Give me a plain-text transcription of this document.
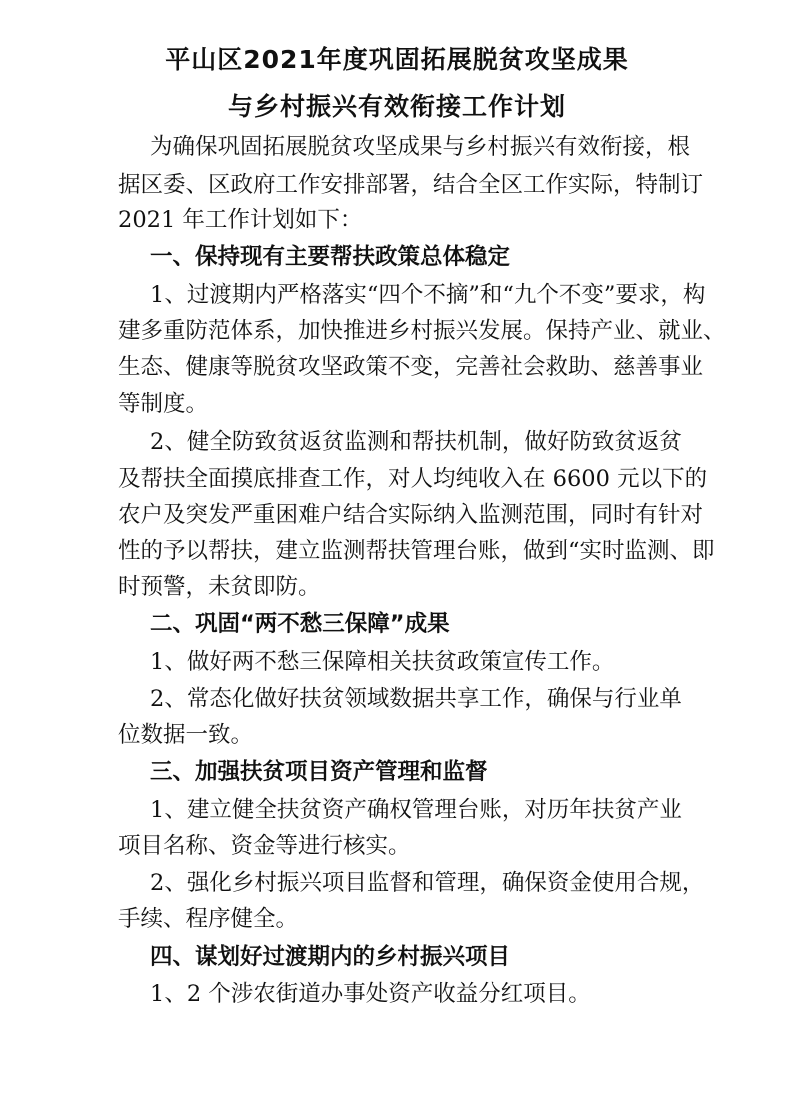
平山区2021年度巩固拓展脱贫攻坚成果
与乡村振兴有效衔接工作计划
为确保巩固拓展脱贫攻坚成果与乡村振兴有效衔接，根
据区委、区政府工作安排部署，结合全区工作实际，特制订
2021 年工作计划如下：
一、保持现有主要帮扶政策总体稳定
1、过渡期内严格落实“四个不摘”和“九个不变”要求，构
建多重防范体系，加快推进乡村振兴发展。保持产业、就业、
生态、健康等脱贫攻坚政策不变，完善社会救助、慈善事业
等制度。
2、健全防致贫返贫监测和帮扶机制，做好防致贫返贫
及帮扶全面摸底排查工作，对人均纯收入在 6600 元以下的
农户及突发严重困难户结合实际纳入监测范围，同时有针对
性的予以帮扶，建立监测帮扶管理台账，做到“实时监测、即
时预警，未贫即防。
二、巩固“两不愁三保障”成果
1、做好两不愁三保障相关扶贫政策宣传工作。
2、常态化做好扶贫领域数据共享工作，确保与行业单
位数据一致。
三、加强扶贫项目资产管理和监督
1、建立健全扶贫资产确权管理台账，对历年扶贫产业
项目名称、资金等进行核实。
2、强化乡村振兴项目监督和管理，确保资金使用合规，
手续、程序健全。
四、谋划好过渡期内的乡村振兴项目
1、2 个涉农街道办事处资产收益分红项目。
